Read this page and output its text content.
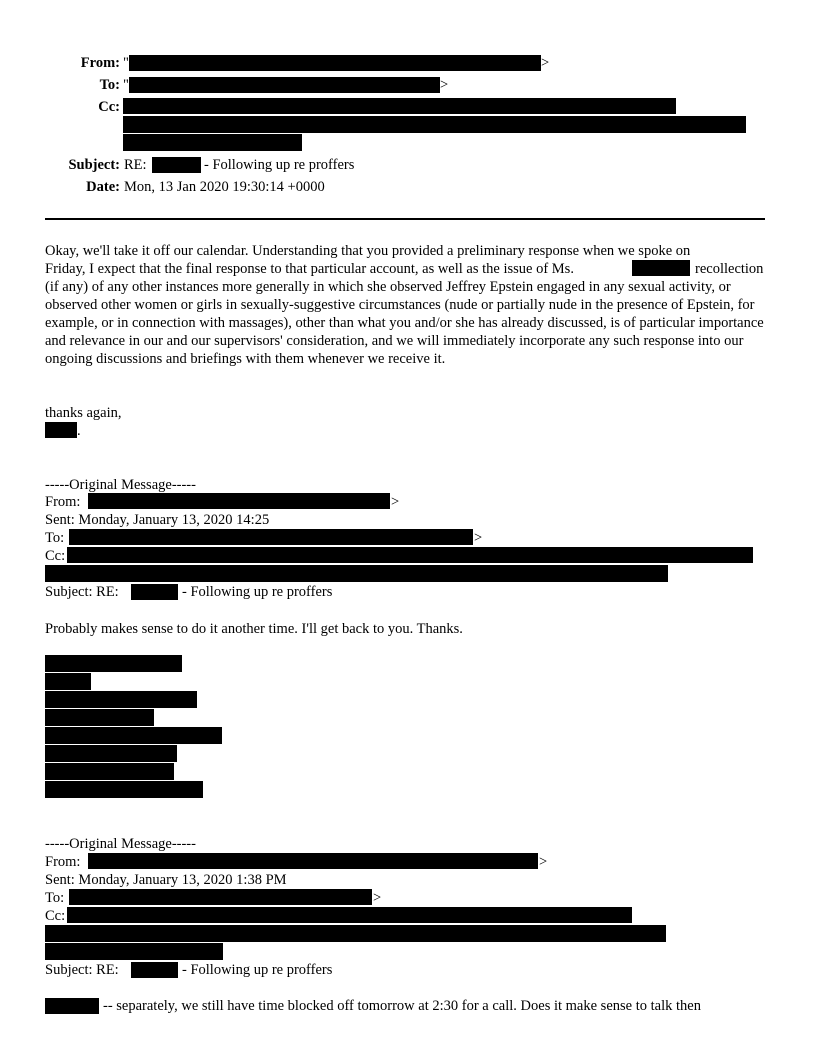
From: "	>
To: "	>
Cc:
Subject: RE:	- Following up re proffers
Date: Mon, 13 Jan 2020 19:30:14 +0000
Okay, we'll take it off our calendar. Understanding that you provided a preliminary response when we spoke on
Friday, I expect that the final response to that particular account, as well as the issue of Ms.	recollection
(if any) of any other instances more generally in which she observed Jeffrey Epstein engaged in any sexual activity, or observed other women or girls in sexually-suggestive circumstances (nude or partially nude in the presence of Epstein, for example, or in connection with massages), other than what you and/or she has already discussed, is of particular importance and relevance in our and our supervisors' consideration, and we will immediately incorporate any such response into our ongoing discussions and briefings with them whenever we receive it.
thanks again,
.
-----Original Message-----
From:	>
Sent: Monday, January 13, 2020 14:25
To:	>
Cc:
Subject: RE:	- Following up re proffers
Probably makes sense to do it another time. I'll get back to you. Thanks.
-----Original Message-----
From:	>
Sent: Monday, January 13, 2020 1:38 PM
To:	>
Cc:
Subject: RE:	- Following up re proffers
-- separately, we still have time blocked off tomorrow at 2:30 for a call. Does it make sense to talk then
